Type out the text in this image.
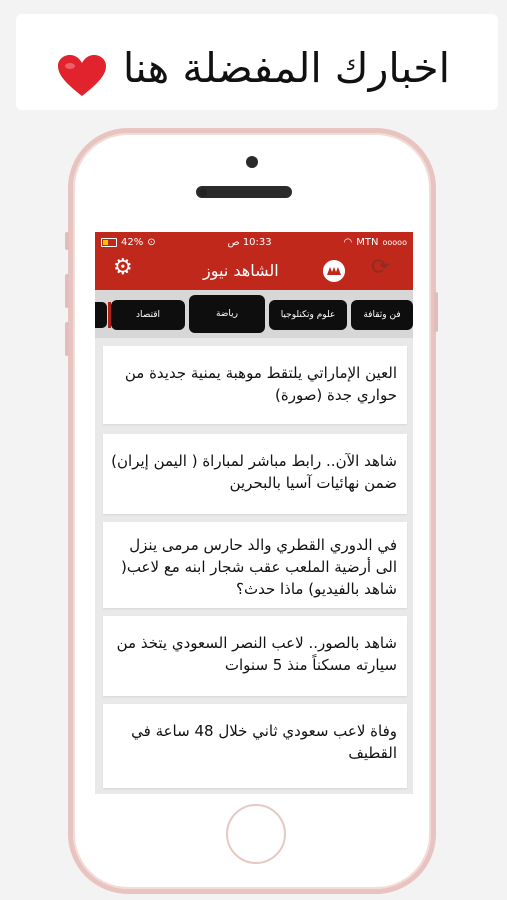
اخبارك المفضلة هنا
42% ⊙	10:33 ص	◠ MTN ooooo
⚙	الشاهد نيوز	⟳
اقتصاد	رياضة	علوم وتكنلوجيا	فن وثقافة
العين الإماراتي يلتقط موهبة يمنية جديدة من حواري جدة (صورة)
شاهد الآن.. رابط مباشر لمباراة ( اليمن إيران) ضمن نهائيات آسيا بالبحرين
في الدوري القطري والد حارس مرمى ينزل الى أرضية الملعب عقب شجار ابنه مع لاعب( شاهد بالفيديو) ماذا حدث؟
شاهد بالصور.. لاعب النصر السعودي يتخذ من سيارته مسكناً منذ 5 سنوات
وفاة لاعب سعودي ثاني خلال 48 ساعة في القطيف
